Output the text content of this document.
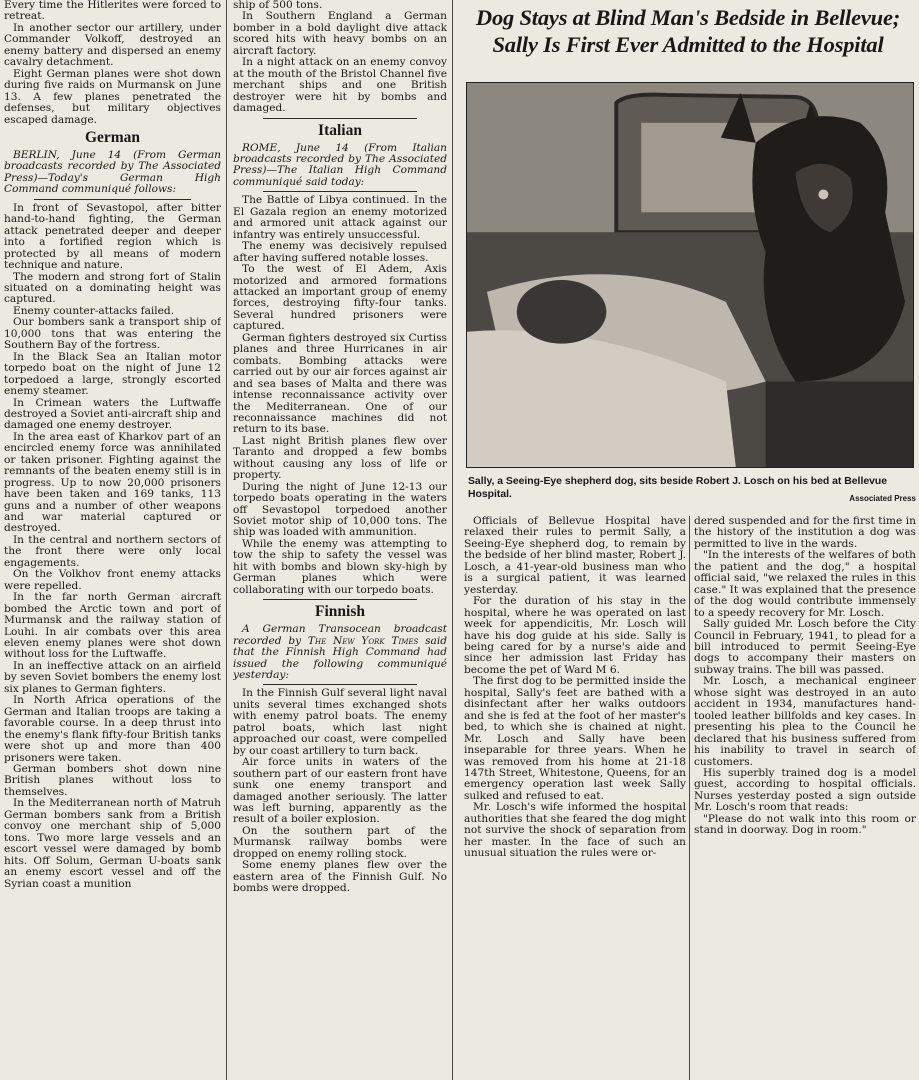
Every time the Hitlerites were forced to retreat.

In another sector our artillery, under Commander Volkoff, destroyed an enemy battery and dispersed an enemy cavalry detachment.

Eight German planes were shot down during five raids on Murmansk on June 13. A few planes penetrated the defenses, but military objectives escaped damage.

German

BERLIN, June 14 (From German broadcasts recorded by The Associated Press)—Today's German High Command communiqué follows:

In front of Sevastopol, after bitter hand-to-hand fighting, the German attack penetrated deeper and deeper into a fortified region which is protected by all means of modern technique and nature.

The modern and strong fort of Stalin situated on a dominating height was captured.

Enemy counter-attacks failed.

Our bombers sank a transport ship of 10,000 tons that was entering the Southern Bay of the fortress.

In the Black Sea an Italian motor torpedo boat on the night of June 12 torpedoed a large, strongly escorted enemy steamer.

In Crimean waters the Luftwaffe destroyed a Soviet anti-aircraft ship and damaged one enemy destroyer.

In the area east of Kharkov part of an encircled enemy force was annihilated or taken prisoner. Fighting against the remnants of the beaten enemy still is in progress. Up to now 20,000 prisoners have been taken and 169 tanks, 113 guns and a number of other weapons and war material captured or destroyed.

In the central and northern sectors of the front there were only local engagements.

On the Volkhov front enemy attacks were repelled.

In the far north German aircraft bombed the Arctic town and port of Murmansk and the railway station of Louhi. In air combats over this area eleven enemy planes were shot down without loss for the Luftwaffe.

In an ineffective attack on an airfield by seven Soviet bombers the enemy lost six planes to German fighters.

In North Africa operations of the German and Italian troops are taking a favorable course. In a deep thrust into the enemy's flank fifty-four British tanks were shot up and more than 400 prisoners were taken.

German bombers shot down nine British planes without loss to themselves.

In the Mediterranean north of Matruh German bombers sank from a British convoy one merchant ship of 5,000 tons. Two more large vessels and an escort vessel were damaged by bomb hits. Off Solum, German U-boats sank an enemy escort vessel and off the Syrian coast a munition

ship of 500 tons.

In Southern England a German bomber in a bold daylight dive attack scored hits with heavy bombs on an aircraft factory.

In a night attack on an enemy convoy at the mouth of the Bristol Channel five merchant ships and one British destroyer were hit by bombs and damaged.

Italian

ROME, June 14 (From Italian broadcasts recorded by The Associated Press)—The Italian High Command communiqué said today:

The Battle of Libya continued. In the El Gazala region an enemy motorized and armored unit attack against our infantry was entirely unsuccessful.

The enemy was decisively repulsed after having suffered notable losses.

To the west of El Adem, Axis motorized and armored formations attacked an important group of enemy forces, destroying fifty-four tanks. Several hundred prisoners were captured.

German fighters destroyed six Curtiss planes and three Hurricanes in air combats. Bombing attacks were carried out by our air forces against air and sea bases of Malta and there was intense reconnaissance activity over the Mediterranean. One of our reconnaissance machines did not return to its base.

Last night British planes flew over Taranto and dropped a few bombs without causing any loss of life or property.

During the night of June 12-13 our torpedo boats operating in the waters off Sevastopol torpedoed another Soviet motor ship of 10,000 tons. The ship was loaded with ammunition.

While the enemy was attempting to tow the ship to safety the vessel was hit with bombs and blown sky-high by German planes which were collaborating with our torpedo boats.

Finnish

A German Transocean broadcast recorded by The New York Times said that the Finnish High Command had issued the following communiqué yesterday:

In the Finnish Gulf several light naval units several times exchanged shots with enemy patrol boats. The enemy patrol boats, which last night approached our coast, were compelled by our coast artillery to turn back.

Air force units in waters of the southern part of our eastern front have sunk one enemy transport and damaged another seriously. The latter was left burning, apparently as the result of a boiler explosion.

On the southern part of the Murmansk railway bombs were dropped on enemy rolling stock.

Some enemy planes flew over the eastern area of the Finnish Gulf. No bombs were dropped.

Dog Stays at Blind Man's Bedside in Bellevue;
Sally Is First Ever Admitted to the Hospital
Sally, a Seeing-Eye shepherd dog, sits beside Robert J. Losch on his bed at Bellevue Hospital.	Associated Press

Officials of Bellevue Hospital have relaxed their rules to permit Sally, a Seeing-Eye shepherd dog, to remain by the bedside of her blind master, Robert J. Losch, a 41-year-old business man who is a surgical patient, it was learned yesterday.

For the duration of his stay in the hospital, where he was operated on last week for appendicitis, Mr. Losch will have his dog guide at his side. Sally is being cared for by a nurse's aide and since her admission last Friday has become the pet of Ward M 6.

The first dog to be permitted inside the hospital, Sally's feet are bathed with a disinfectant after her walks outdoors and she is fed at the foot of her master's bed, to which she is chained at night. Mr. Losch and Sally have been inseparable for three years. When he was removed from his home at 21-18 147th Street, Whitestone, Queens, for an emergency operation last week Sally sulked and refused to eat.

Mr. Losch's wife informed the hospital authorities that she feared the dog might not survive the shock of separation from her master. In the face of such an unusual situation the rules were or-

dered suspended and for the first time in the history of the institution a dog was permitted to live in the wards.

"In the interests of the welfares of both the patient and the dog," a hospital official said, "we relaxed the rules in this case." It was explained that the presence of the dog would contribute immensely to a speedy recovery for Mr. Losch.

Sally guided Mr. Losch before the City Council in February, 1941, to plead for a bill introduced to permit Seeing-Eye dogs to accompany their masters on subway trains. The bill was passed.

Mr. Losch, a mechanical engineer whose sight was destroyed in an auto accident in 1934, manufactures hand-tooled leather billfolds and key cases. In presenting his plea to the Council he declared that his business suffered from his inability to travel in search of customers.

His superbly trained dog is a model guest, according to hospital officials. Nurses yesterday posted a sign outside Mr. Losch's room that reads:

"Please do not walk into this room or stand in doorway. Dog in room."
